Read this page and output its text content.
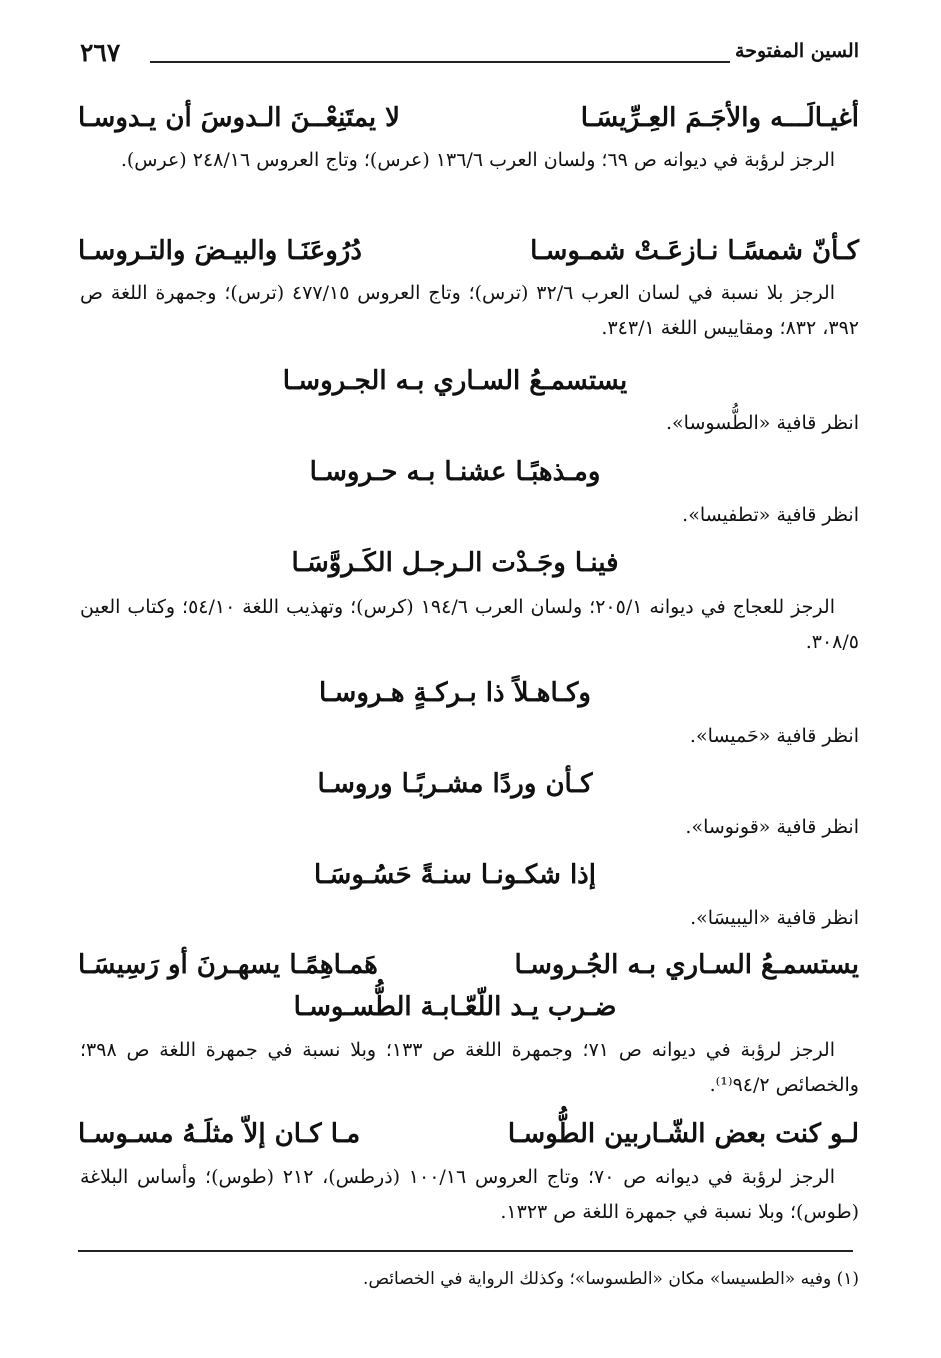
السين المفتوحة
٢٦٧
أغيـالَـــه والأجَـمَ العِـرِّيسَـا
لا يمتَنِعْــنَ الـدوسَ أن يـدوسـا
الرجز لرؤبة في ديوانه ص ٦٩؛ ولسان العرب ١٣٦/٦ (عرس)؛ وتاج العروس ٢٤٨/١٦ (عرس).
كـأنّ شمسًـا نـازعَـتْ شمـوسـا
دُرُوعَنَـا والبيـضَ والتـروسـا
الرجز بلا نسبة في لسان العرب ٣٢/٦ (ترس)؛ وتاج العروس ٤٧٧/١٥ (ترس)؛ وجمهرة اللغة ص ٣٩٢، ٨٣٢؛ ومقاييس اللغة ٣٤٣/١.
يستسمـعُ السـاري بـه الجـروسـا
انظر قافية «الطُّسوسا».
ومـذهبًـا عشنـا بـه حـروسـا
انظر قافية «تطفيسا».
فينـا وجَـدْت الـرجـل الكَـروَّسَـا
الرجز للعجاج في ديوانه ٢٠٥/١؛ ولسان العرب ١٩٤/٦ (كرس)؛ وتهذيب اللغة ٥٤/١٠؛ وكتاب العين ٣٠٨/٥.
وكـاهـلاً ذا بـركـةٍ هـروسـا
انظر قافية «حَميسا».
كـأن وردًا مشـربًـا وروسـا
انظر قافية «قونوسا».
إذا شكـونـا سنـةً حَسُـوسَـا
انظر قافية «اليبيسَا».
يستسمـعُ السـاري بـه الجُـروسـا
هَمـاهِمًـا يسهـرنَ أو رَسِيسَـا
ضـرب يـد اللّعّـابـة الطُّسـوسـا
الرجز لرؤبة في ديوانه ص ٧١؛ وجمهرة اللغة ص ١٣٣؛ وبلا نسبة في جمهرة اللغة ص ٣٩٨؛ والخصائص ٩٤/٢⁽¹⁾.
لـو كنت بعض الشّـاربين الطُّوسـا
مـا كـان إلاّ مثلَـهُ مسـوسـا
الرجز لرؤبة في ديوانه ص ٧٠؛ وتاج العروس ١٠٠/١٦ (ذرطس)، ٢١٢ (طوس)؛ وأساس البلاغة (طوس)؛ وبلا نسبة في جمهرة اللغة ص ١٣٢٣.
(١) وفيه «الطسيسا» مكان «الطسوسا»؛ وكذلك الرواية في الخصائص.
